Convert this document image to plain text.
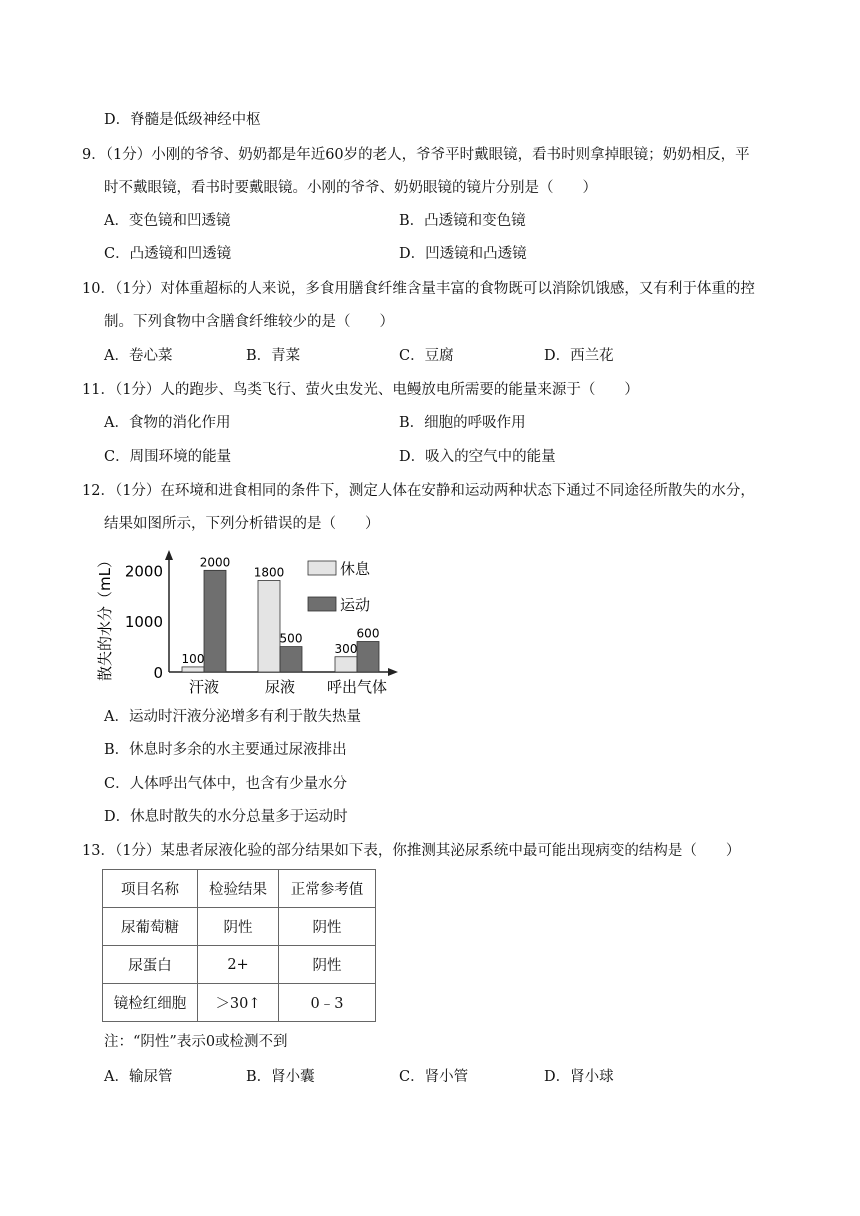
D．脊髓是低级神经中枢
9．（1分）小刚的爷爷、奶奶都是年近60岁的老人，爷爷平时戴眼镜，看书时则拿掉眼镜；奶奶相反，平
时不戴眼镜，看书时要戴眼镜。小刚的爷爷、奶奶眼镜的镜片分别是（　　）
A．变色镜和凹透镜	B．凸透镜和变色镜
C．凸透镜和凹透镜	D．凹透镜和凸透镜
10．（1分）对体重超标的人来说，多食用膳食纤维含量丰富的食物既可以消除饥饿感，又有利于体重的控
制。下列食物中含膳食纤维较少的是（　　）
A．卷心菜	B．青菜	C．豆腐	D．西兰花
11．（1分）人的跑步、鸟类飞行、萤火虫发光、电鳗放电所需要的能量来源于（　　）
A．食物的消化作用	B．细胞的呼吸作用
C．周围环境的能量	D．吸入的空气中的能量
12．（1分）在环境和进食相同的条件下，测定人体在安静和运动两种状态下通过不同途径所散失的水分，
结果如图所示，下列分析错误的是（　　）
散失的水分（mL）	0
1000
2000
100
2000
汗液
1800
500
尿液
300
600
呼出气体
休息
运动
A．运动时汗液分泌增多有利于散失热量
B．休息时多余的水主要通过尿液排出
C．人体呼出气体中，也含有少量水分
D．休息时散失的水分总量多于运动时
13．（1分）某患者尿液化验的部分结果如下表，你推测其泌尿系统中最可能出现病变的结构是（　　）
项目名称	检验结果	正常参考值
尿葡萄糖	阴性	阴性
尿蛋白	2+	阴性
镜检红细胞	＞30↑	0﹣3
注：“阴性”表示0或检测不到
A．输尿管	B．肾小囊	C．肾小管	D．肾小球
